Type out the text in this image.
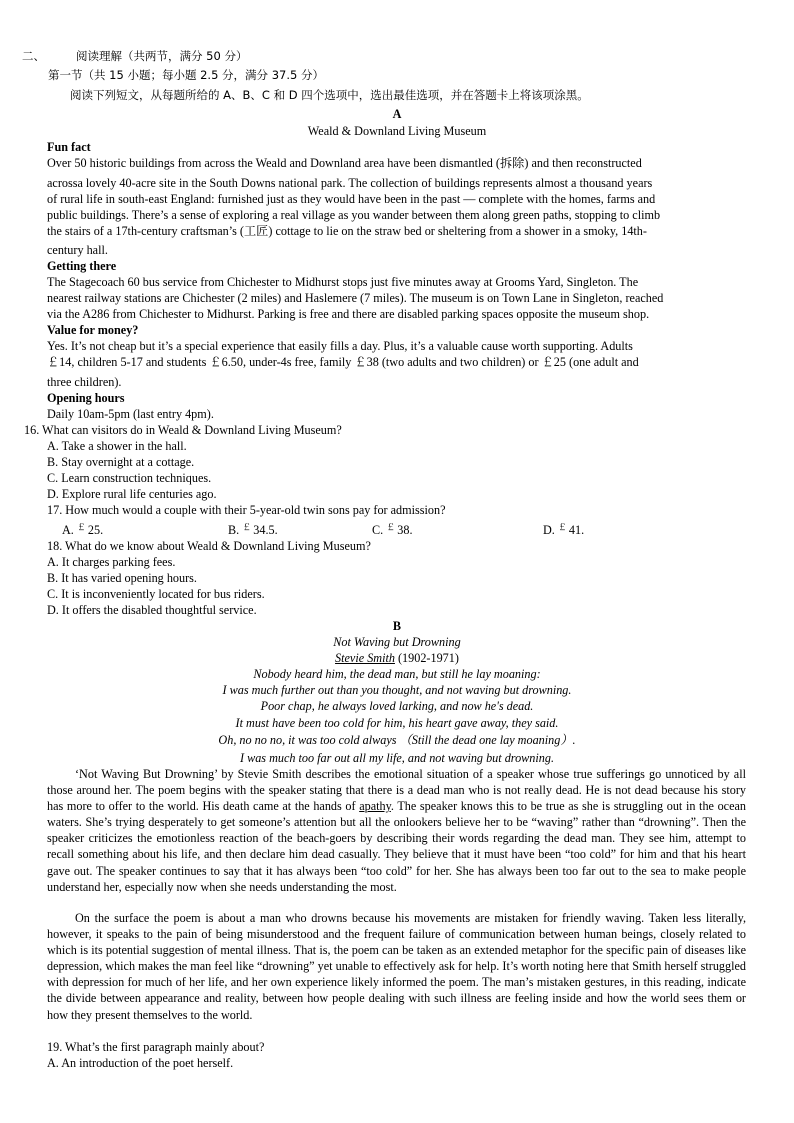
二、	阅读理解（共两节，满分 50 分）
第一节（共 15 小题；每小题 2.5 分，满分 37.5 分）
阅读下列短文，从每题所给的 A、B、C 和 D 四个选项中，选出最佳选项，并在答题卡上将该项涂黑。
A
Weald & Downland Living Museum
Fun fact
Over 50 historic buildings from across the Weald and Downland area have been dismantled (拆除) and then reconstructed
acrossa lovely 40-acre site in the South Downs national park. The collection of buildings represents almost a thousand years
of rural life in south-east England: furnished just as they would have been in the past — complete with the homes, farms and
public buildings. There’s a sense of exploring a real village as you wander between them along green paths, stopping to climb
the stairs of a 17th-century craftsman’s (工匠) cottage to lie on the straw bed or sheltering from a shower in a smoky, 14th-
century hall.
Getting there
The Stagecoach 60 bus service from Chichester to Midhurst stops just five minutes away at Grooms Yard, Singleton. The
nearest railway stations are Chichester (2 miles) and Haslemere (7 miles). The museum is on Town Lane in Singleton, reached
via the A286 from Chichester to Midhurst. Parking is free and there are disabled parking spaces opposite the museum shop.
Value for money?
Yes. It’s not cheap but it’s a special experience that easily fills a day. Plus, it’s a valuable cause worth supporting. Adults
￡14, children 5-17 and students ￡6.50, under-4s free, family ￡38 (two adults and two children) or ￡25 (one adult and
three children).
Opening hours
Daily 10am-5pm (last entry 4pm).
16. What can visitors do in Weald & Downland Living Museum?
A. Take a shower in the hall.
B. Stay overnight at a cottage.
C. Learn construction techniques.
D. Explore rural life centuries ago.
17. How much would a couple with their 5-year-old twin sons pay for admission?
A. ￡ 25.	B. ￡ 34.5.	C. ￡ 38.	D. ￡ 41.
18. What do we know about Weald & Downland Living Museum?
A. It charges parking fees.
B. It has varied opening hours.
C. It is inconveniently located for bus riders.
D. It offers the disabled thoughtful service.
B
Not Waving but Drowning
Stevie Smith (1902-1971)
Nobody heard him, the dead man, but still he lay moaning:
I was much further out than you thought, and not waving but drowning.
Poor chap, he always loved larking, and now he's dead.
It must have been too cold for him, his heart gave away, they said.
Oh, no no no, it was too cold always （Still the dead one lay moaning）.
I was much too far out all my life, and not waving but drowning.
‘Not Waving But Drowning’ by Stevie Smith describes the emotional situation of a speaker whose true sufferings go unnoticed by all those around her. The poem begins with the speaker stating that there is a dead man who is not really dead. He is not dead because his story has more to offer to the world. His death came at the hands of apathy. The speaker knows this to be true as she is struggling out in the ocean waters. She’s trying desperately to get someone’s attention but all the onlookers believe her to be “waving” rather than “drowning”. Then the speaker criticizes the emotionless reaction of the beach-goers by describing their words regarding the dead man. They see him, attempt to recall something about his life, and then declare him dead casually. They believe that it must have been “too cold” for him and that his heart gave out. The speaker continues to say that it has always been “too cold” for her. She has always been too far out to the sea to make people understand her, especially now when she needs understanding the most.
On the surface the poem is about a man who drowns because his movements are mistaken for friendly waving. Taken less literally, however, it speaks to the pain of being misunderstood and the frequent failure of communication between human beings, closely related to which is its potential suggestion of mental illness. That is, the poem can be taken as an extended metaphor for the specific pain of diseases like depression, which makes the man feel like “drowning” yet unable to effectively ask for help. It’s worth noting here that Smith herself struggled with depression for much of her life, and her own experience likely informed the poem. The man’s mistaken gestures, in this reading, indicate the divide between appearance and reality, between how people dealing with such illness are feeling inside and how the world sees them or how they present themselves to the world.
19. What’s the first paragraph mainly about?
A. An introduction of the poet herself.
